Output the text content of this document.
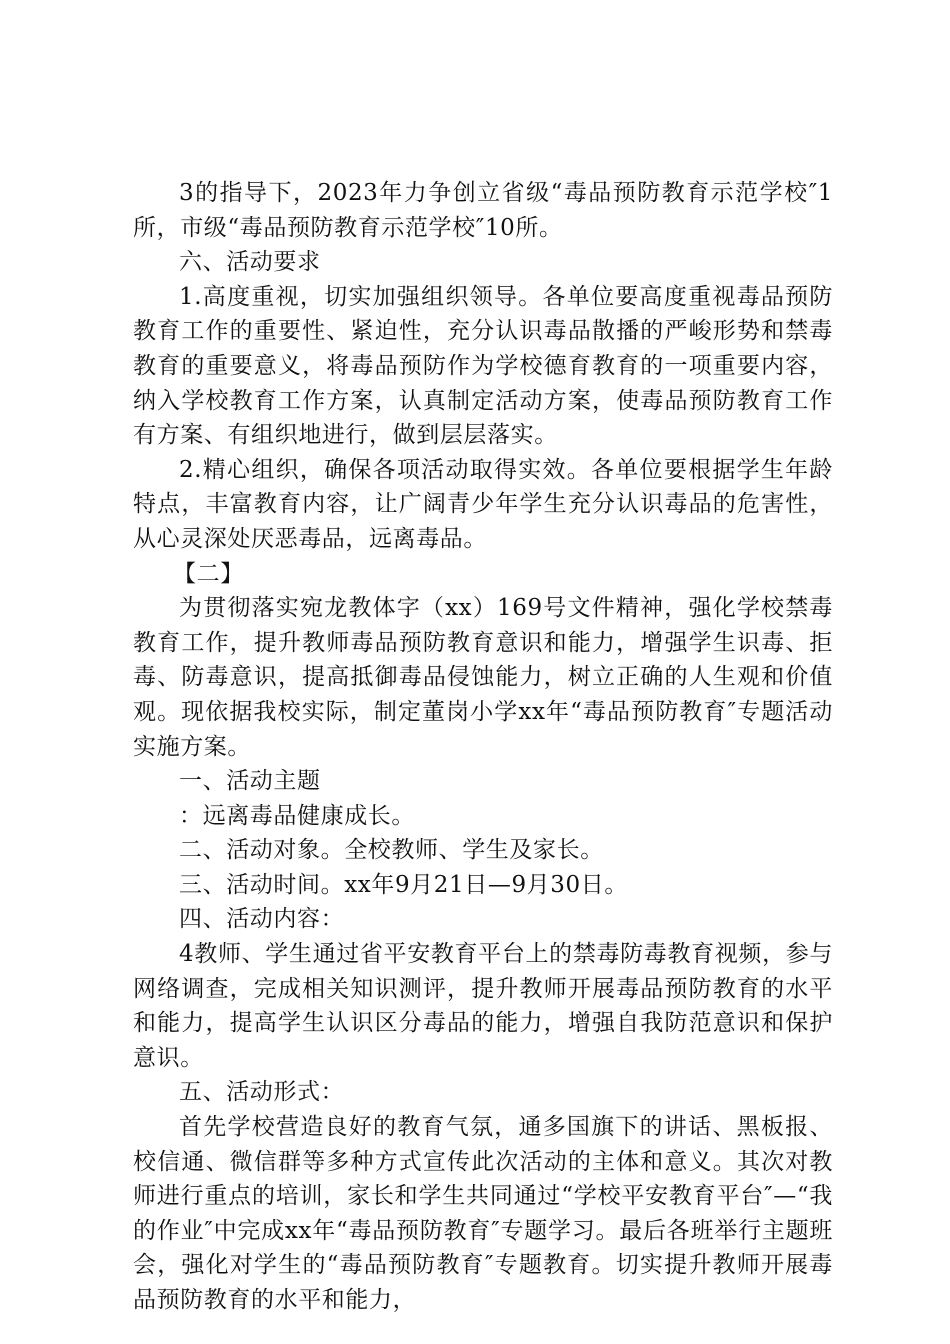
3的指导下，2023年力争创立省级“毒品预防教育示范学校″1所，市级“毒品预防教育示范学校″10所。

六、活动要求

1.高度重视，切实加强组织领导。各单位要高度重视毒品预防教育工作的重要性、紧迫性，充分认识毒品散播的严峻形势和禁毒教育的重要意义，将毒品预防作为学校德育教育的一项重要内容，纳入学校教育工作方案，认真制定活动方案，使毒品预防教育工作有方案、有组织地进行，做到层层落实。

2.精心组织，确保各项活动取得实效。各单位要根据学生年龄特点，丰富教育内容，让广阔青少年学生充分认识毒品的危害性，从心灵深处厌恶毒品，远离毒品。

【二】

为贯彻落实宛龙教体字（xx）169号文件精神，强化学校禁毒教育工作，提升教师毒品预防教育意识和能力，增强学生识毒、拒毒、防毒意识，提高抵御毒品侵蚀能力，树立正确的人生观和价值观。现依据我校实际，制定董岗小学xx年“毒品预防教育″专题活动实施方案。

一、活动主题

：远离毒品健康成长。

二、活动对象。全校教师、学生及家长。

三、活动时间。xx年9月21日—9月30日。

四、活动内容：

4教师、学生通过省平安教育平台上的禁毒防毒教育视频，参与网络调查，完成相关知识测评，提升教师开展毒品预防教育的水平和能力，提高学生认识区分毒品的能力，增强自我防范意识和保护意识。

五、活动形式：

首先学校营造良好的教育气氛，通多国旗下的讲话、黑板报、校信通、微信群等多种方式宣传此次活动的主体和意义。其次对教师进行重点的培训，家长和学生共同通过“学校平安教育平台″—“我的作业″中完成xx年“毒品预防教育″专题学习。最后各班举行主题班会，强化对学生的“毒品预防教育″专题教育。切实提升教师开展毒品预防教育的水平和能力，
